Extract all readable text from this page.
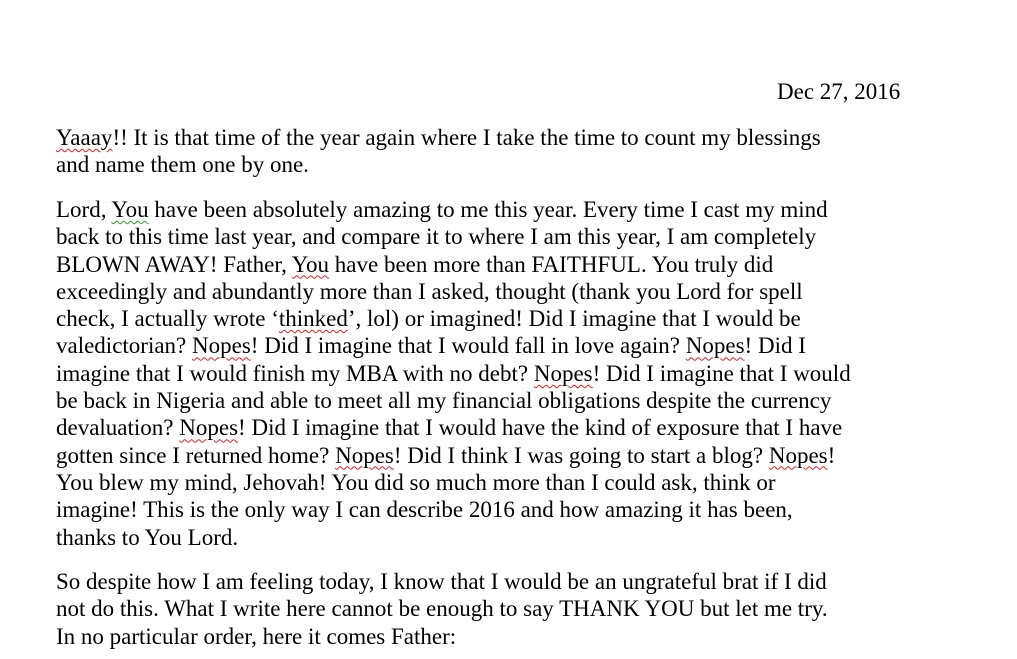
Dec 27, 2016
Yaaay!! It is that time of the year again where I take the time to count my blessings
and name them one by one.
Lord, You have been absolutely amazing to me this year. Every time I cast my mind
back to this time last year, and compare it to where I am this year, I am completely
BLOWN AWAY! Father, You have been more than FAITHFUL. You truly did
exceedingly and abundantly more than I asked, thought (thank you Lord for spell
check, I actually wrote ‘thinked’, lol) or imagined! Did I imagine that I would be
valedictorian? Nopes! Did I imagine that I would fall in love again? Nopes! Did I
imagine that I would finish my MBA with no debt? Nopes! Did I imagine that I would
be back in Nigeria and able to meet all my financial obligations despite the currency
devaluation? Nopes! Did I imagine that I would have the kind of exposure that I have
gotten since I returned home? Nopes! Did I think I was going to start a blog? Nopes!
You blew my mind, Jehovah! You did so much more than I could ask, think or
imagine! This is the only way I can describe 2016 and how amazing it has been,
thanks to You Lord.
So despite how I am feeling today, I know that I would be an ungrateful brat if I did
not do this. What I write here cannot be enough to say THANK YOU but let me try.
In no particular order, here it comes Father:
